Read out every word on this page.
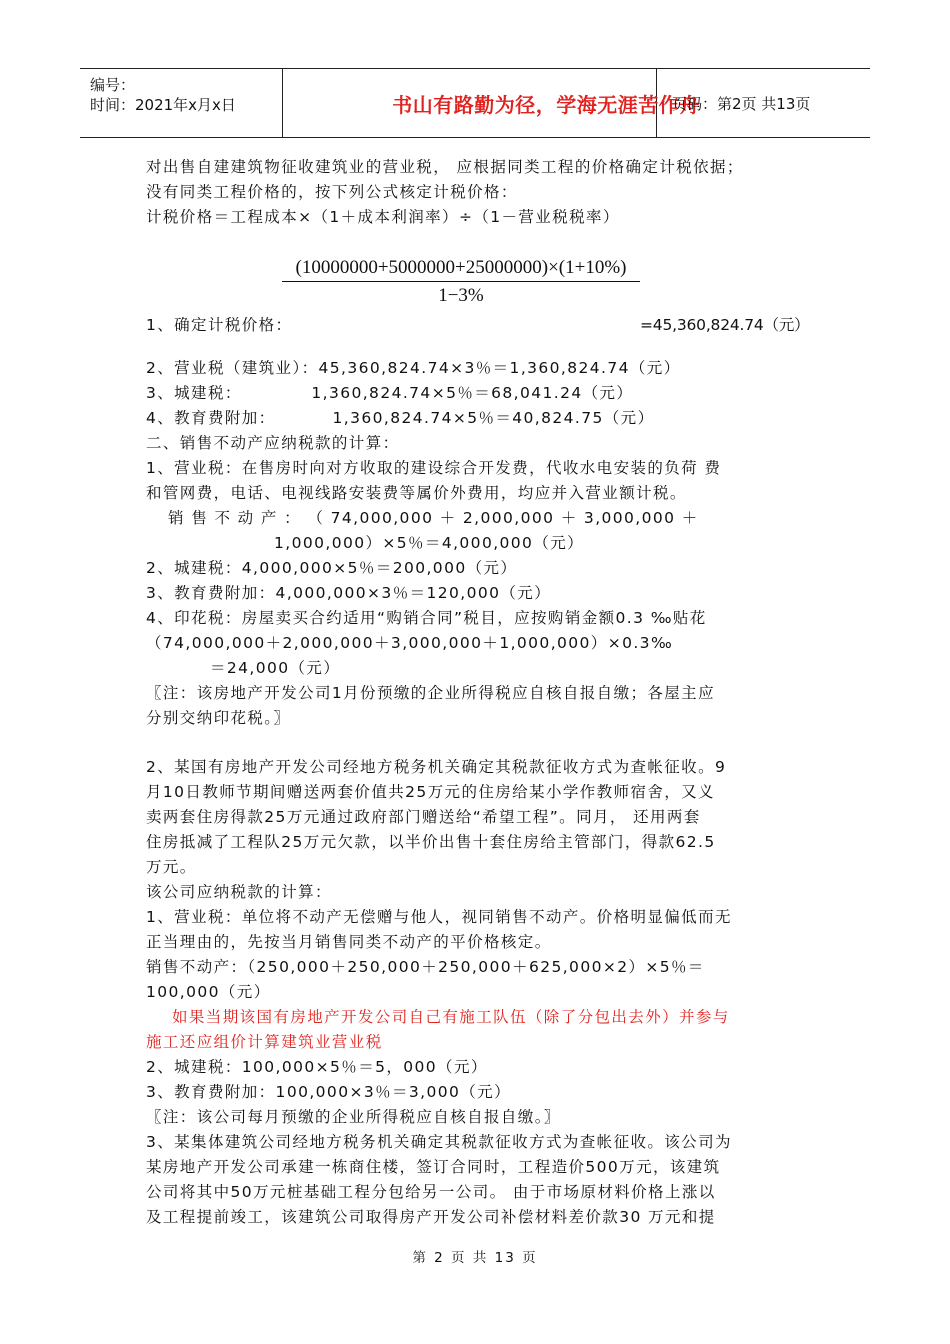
编号：
时间：2021年x月x日	书山有路勤为径，学海无涯苦作舟
页码：第2页 共13页
(10000000+5000000+25000000)×(1+10%)
1−3%
对出售自建建筑物征收建筑业的营业税， 应根据同类工程的价格确定计税依据；
没有同类工程价格的，按下列公式核定计税价格：
计税价格＝工程成本×（1＋成本利润率）÷（1－营业税税率）
1、确定计税价格：	=45,360,824.74（元）
2、营业税（建筑业）：45,360,824.74×3％＝1,360,824.74（元）
3、城建税：           1,360,824.74×5％＝68,041.24（元）
4、教育费附加：         1,360,824.74×5％＝40,824.75（元）
二、销售不动产应纳税款的计算：
1、营业税：在售房时向对方收取的建设综合开发费，代收水电安装的负荷 费
和管网费，电话、电视线路安装费等属价外费用，均应并入营业额计税。
销 售 不 动 产 ： （ 74,000,000 ＋ 2,000,000 ＋ 3,000,000 ＋
1,000,000）×5％＝4,000,000（元）
2、城建税：4,000,000×5％＝200,000（元）
3、教育费附加：4,000,000×3％＝120,000（元）
4、印花税：房屋卖买合约适用“购销合同”税目，应按购销金额0.3 ‰贴花
（74,000,000＋2,000,000＋3,000,000＋1,000,000）×0.3‰
＝24,000（元）
〖注：该房地产开发公司1月份预缴的企业所得税应自核自报自缴；各屋主应
分别交纳印花税。〗
2、某国有房地产开发公司经地方税务机关确定其税款征收方式为查帐征收。9
月10日教师节期间赠送两套价值共25万元的住房给某小学作教师宿舍，又义
卖两套住房得款25万元通过政府部门赠送给“希望工程”。同月， 还用两套
住房抵减了工程队25万元欠款，以半价出售十套住房给主管部门，得款62.5
万元。
该公司应纳税款的计算：
1、营业税：单位将不动产无偿赠与他人，视同销售不动产。价格明显偏低而无
正当理由的，先按当月销售同类不动产的平价格核定。
销售不动产：（250,000＋250,000＋250,000＋625,000×2）×5％＝
100,000（元）
如果当期该国有房地产开发公司自己有施工队伍（除了分包出去外）并参与
施工还应组价计算建筑业营业税
2、城建税：100,000×5％＝5，000（元）
3、教育费附加：100,000×3％＝3,000（元）
〖注：该公司每月预缴的企业所得税应自核自报自缴。〗
3、某集体建筑公司经地方税务机关确定其税款征收方式为查帐征收。该公司为
某房地产开发公司承建一栋商住楼，签订合同时，工程造价500万元，该建筑
公司将其中50万元桩基础工程分包给另一公司。 由于市场原材料价格上涨以
及工程提前竣工，该建筑公司取得房产开发公司补偿材料差价款30 万元和提
第 2 页 共 13 页
